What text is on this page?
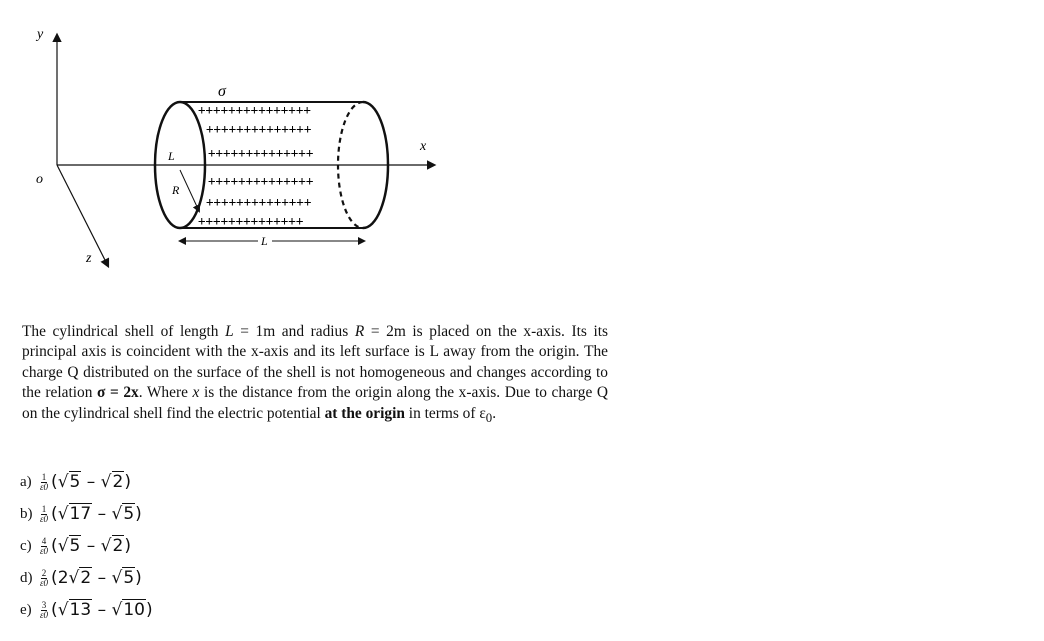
y
x
z
o
+++++++++++++++
++++++++++++++
++++++++++++++
++++++++++++++
++++++++++++++
++++++++++++++
σ
L
R
L
The cylindrical shell of length L = 1m and radius R = 2m is placed on the x-axis. Its its principal axis is coincident with the x-axis and its left surface is L away from the origin. The charge Q distributed on the surface of the shell is not homogeneous and changes according to the relation σ = 2x. Where x is the distance from the origin along the x-axis. Due to charge Q on the cylindrical shell find the electric potential at the origin in terms of $\varepsilon_0$.
$a) \frac{1}{\varepsilon 0} (√5 - √2)$
$b) \frac{1}{\varepsilon 0} (√17 - √5)$
$c) \frac{4}{\varepsilon 0} (√5 - √2)$
$d) \frac{2}{\varepsilon 0} (2√2 - √5)$
$e) \frac{3}{\varepsilon 0} (√13 - √10)$
